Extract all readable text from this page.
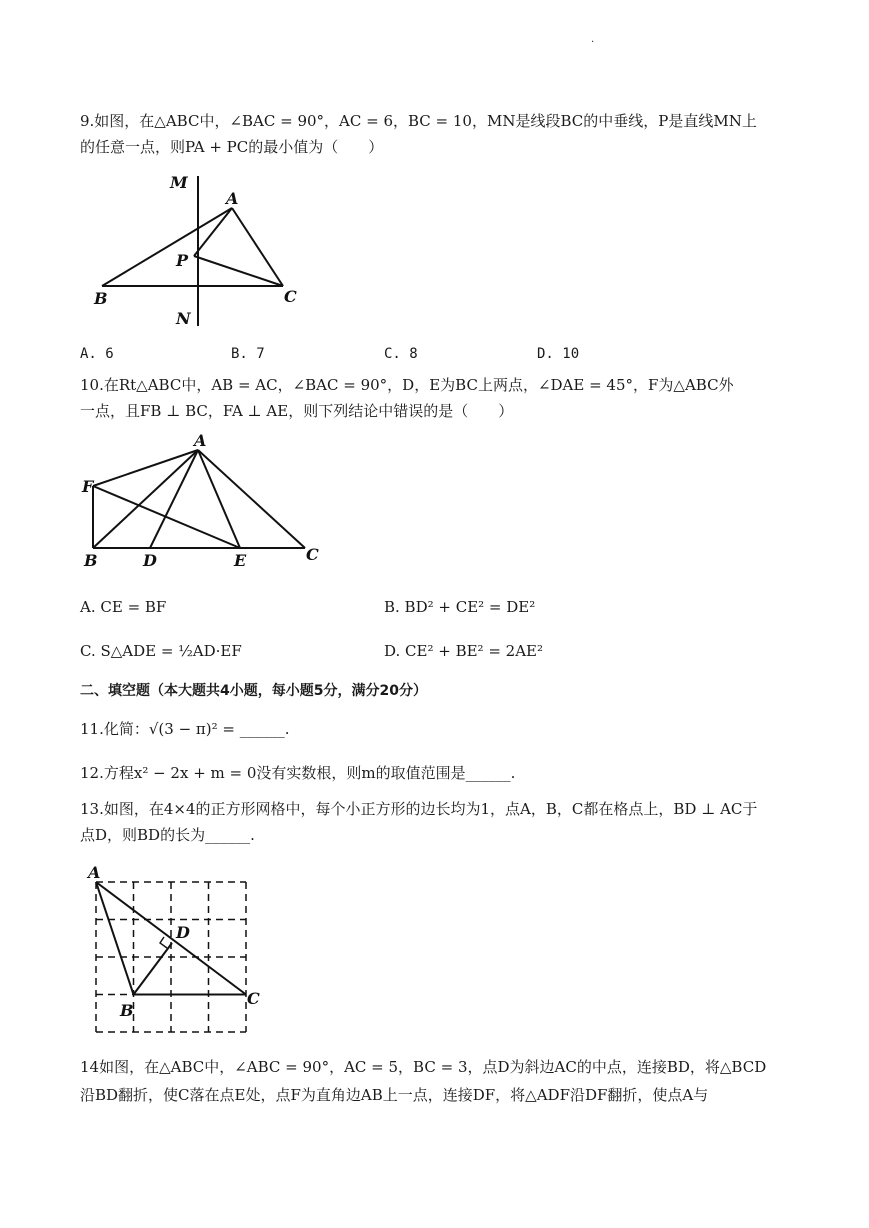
.
9.如图，在△ABC中，∠BAC = 90°，AC = 6，BC = 10，MN是线段BC的中垂线，P是直线MN上
的任意一点，则PA + PC的最小值为（　　）
M
A
P
B	C
N
A. 6	B. 7	C. 8	D. 10
10.在Rt△ABC中，AB = AC，∠BAC = 90°，D，E为BC上两点，∠DAE = 45°，F为△ABC外
一点，且FB ⊥ BC，FA ⊥ AE，则下列结论中错误的是（　　）
A
F
B	D	E	C
A. CE = BF	B. BD² + CE² = DE²
C. S△ADE = ½AD·EF	D. CE² + BE² = 2AE²
二、填空题（本大题共4小题，每小题5分，满分20分）
11.化简：√(3 − π)² = ______.
12.方程x² − 2x + m = 0没有实数根，则m的取值范围是______.
13.如图，在4×4的正方形网格中，每个小正方形的边长均为1，点A，B，C都在格点上，BD ⊥ AC于
点D，则BD的长为______.
A
D
B
C
14如图，在△ABC中，∠ABC = 90°，AC = 5，BC = 3，点D为斜边AC的中点，连接BD，将△BCD
沿BD翻折，使C落在点E处，点F为直角边AB上一点，连接DF，将△ADF沿DF翻折，使点A与
